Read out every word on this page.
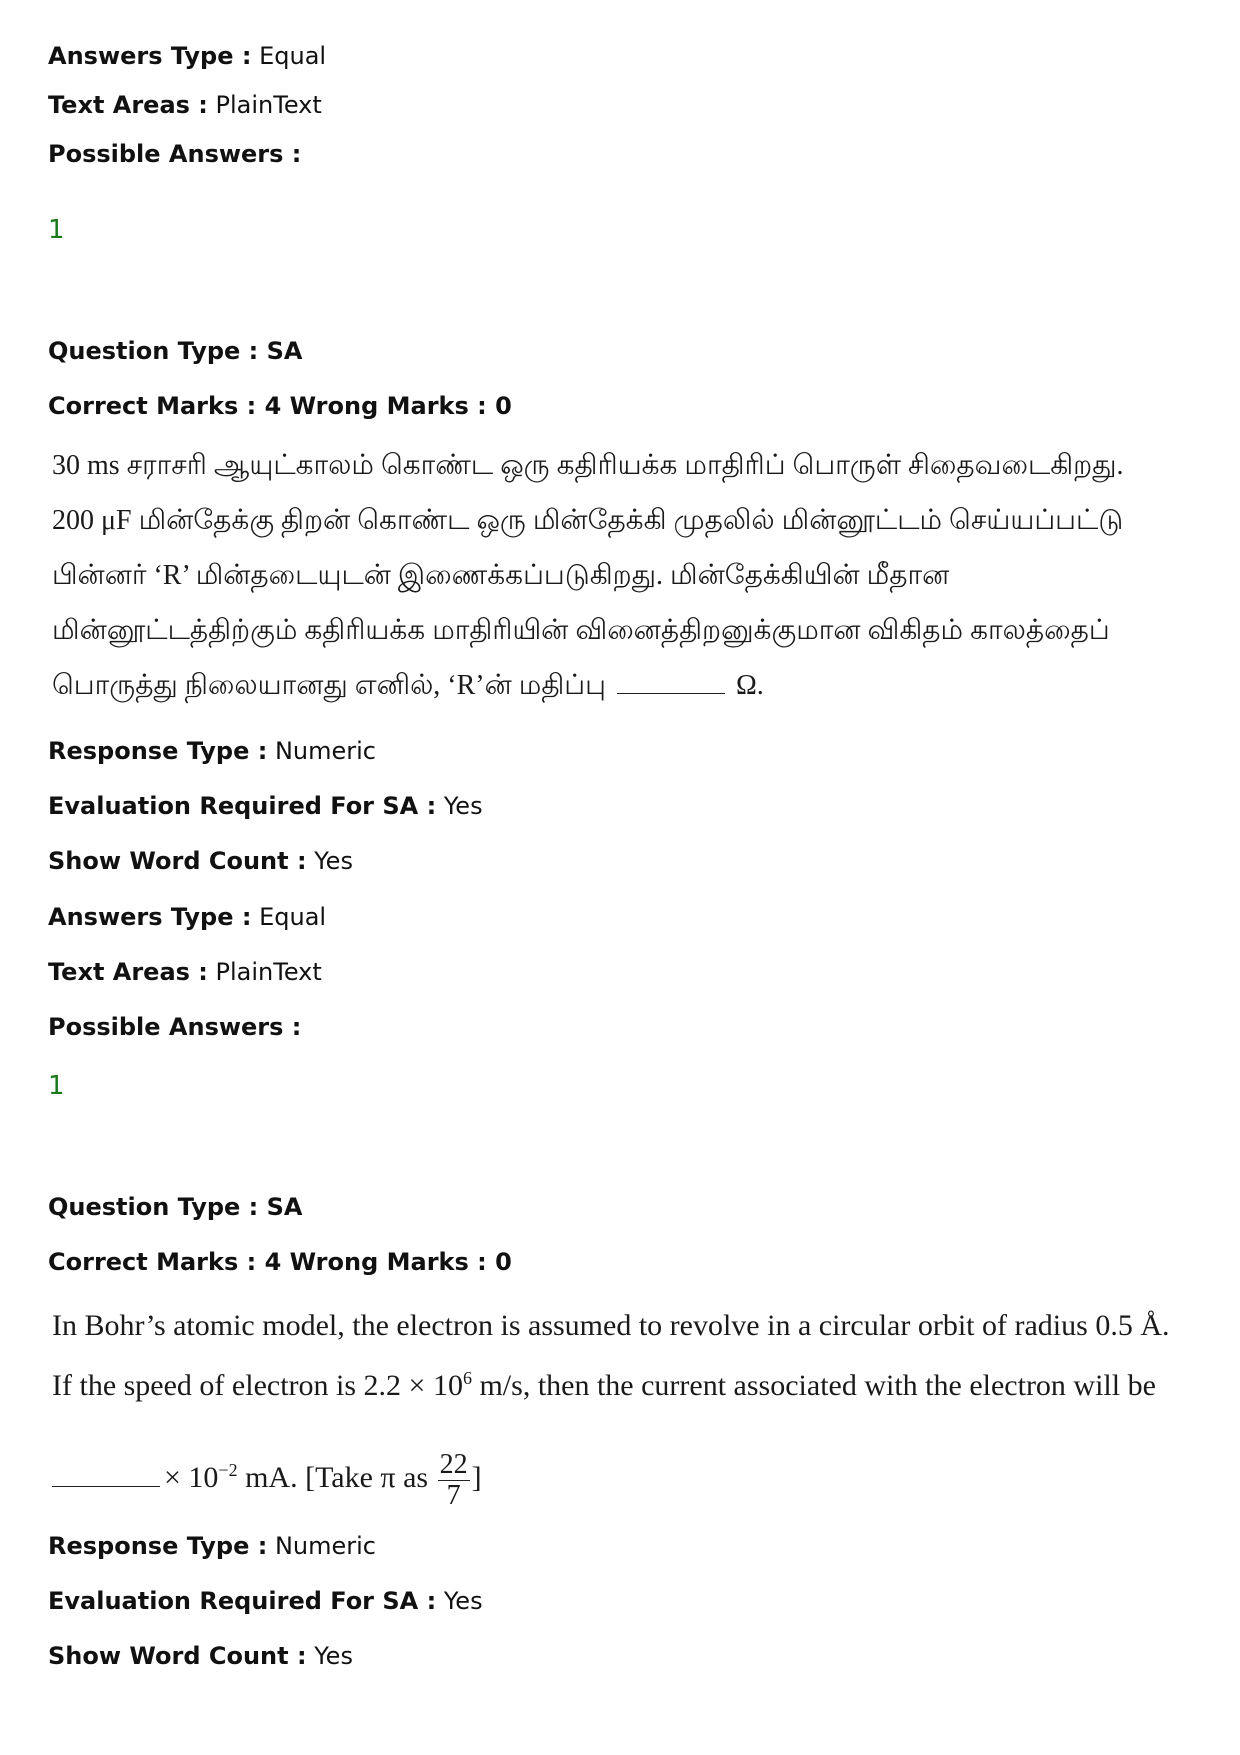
Answers Type : Equal
Text Areas : PlainText
Possible Answers :
1
Question Type : SA
Correct Marks : 4 Wrong Marks : 0
30 ms சராசரி ஆயுட்காலம் கொண்ட ஒரு கதிரியக்க மாதிரிப் பொருள் சிதைவடைகிறது.
200 μF மின்தேக்கு திறன் கொண்ட ஒரு மின்தேக்கி முதலில் மின்னூட்டம் செய்யப்பட்டு
பின்னர் ‘R’ மின்தடையுடன் இணைக்கப்படுகிறது. மின்தேக்கியின் மீதான
மின்னூட்டத்திற்கும் கதிரியக்க மாதிரியின் வினைத்திறனுக்குமான விகிதம் காலத்தைப்
பொருத்து நிலையானது எனில், ‘R’ன் மதிப்பு	Ω.
Response Type : Numeric
Evaluation Required For SA : Yes
Show Word Count : Yes
Answers Type : Equal
Text Areas : PlainText
Possible Answers :
1
Question Type : SA
Correct Marks : 4 Wrong Marks : 0
In Bohr’s atomic model, the electron is assumed to revolve in a circular orbit of radius 0.5 Å.
If the speed of electron is $2.2 \times 10^6$ m/s, then the current associated with the electron will be
× $10^{-2}$ mA. [Take π as $\frac{22}{7}$ ]
Response Type : Numeric
Evaluation Required For SA : Yes
Show Word Count : Yes
